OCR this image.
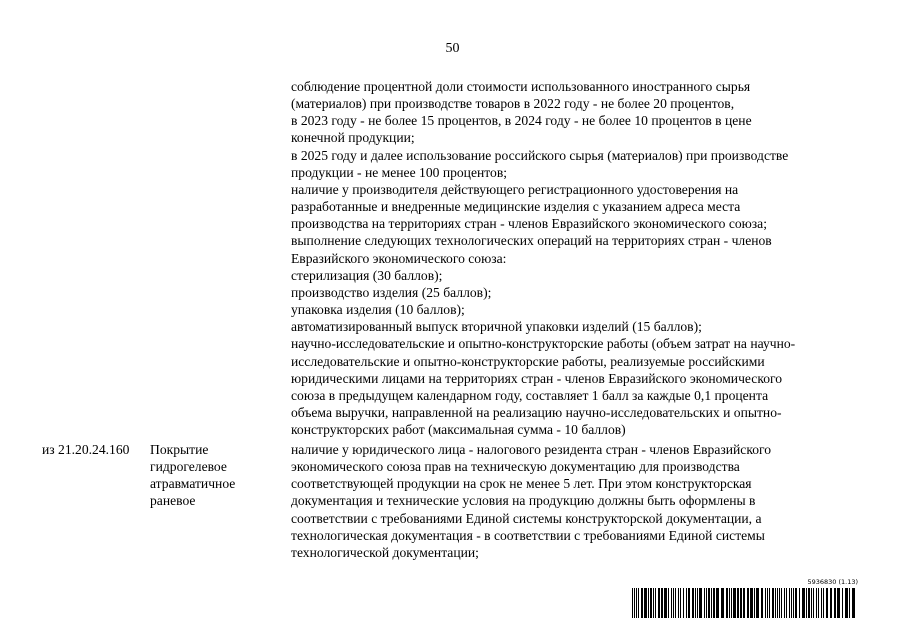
50
соблюдение процентной доли стоимости использованного иностранного сырья
(материалов) при производстве товаров в 2022 году - не более 20 процентов,
в 2023 году - не более 15 процентов, в 2024 году - не более 10 процентов в цене
конечной продукции;
в 2025 году и далее использование российского сырья (материалов) при производстве
продукции - не менее 100 процентов;
наличие у производителя действующего регистрационного удостоверения на
разработанные и внедренные медицинские изделия с указанием адреса места
производства на территориях стран - членов Евразийского экономического союза;
выполнение следующих технологических операций на территориях стран - членов
Евразийского экономического союза:
стерилизация (30 баллов);
производство изделия (25 баллов);
упаковка изделия (10 баллов);
автоматизированный выпуск вторичной упаковки изделий (15 баллов);
научно-исследовательские и опытно-конструкторские работы (объем затрат на научно-
исследовательские и опытно-конструкторские работы, реализуемые российскими
юридическими лицами на территориях стран - членов Евразийского экономического
союза в предыдущем календарном году, составляет 1 балл за каждые 0,1 процента
объема выручки, направленной на реализацию научно-исследовательских и опытно-
конструкторских работ (максимальная сумма - 10 баллов)
из 21.20.24.160 Покрытие
гидрогелевое
атравматичное
раневое
наличие у юридического лица - налогового резидента стран - членов Евразийского
экономического союза прав на техническую документацию для производства
соответствующей продукции на срок не менее 5 лет. При этом конструкторская
документация и технические условия на продукцию должны быть оформлены в
соответствии с требованиями Единой системы конструкторской документации, а
технологическая документация - в соответствии с требованиями Единой системы
технологической документации;
5936830 (1.13)
